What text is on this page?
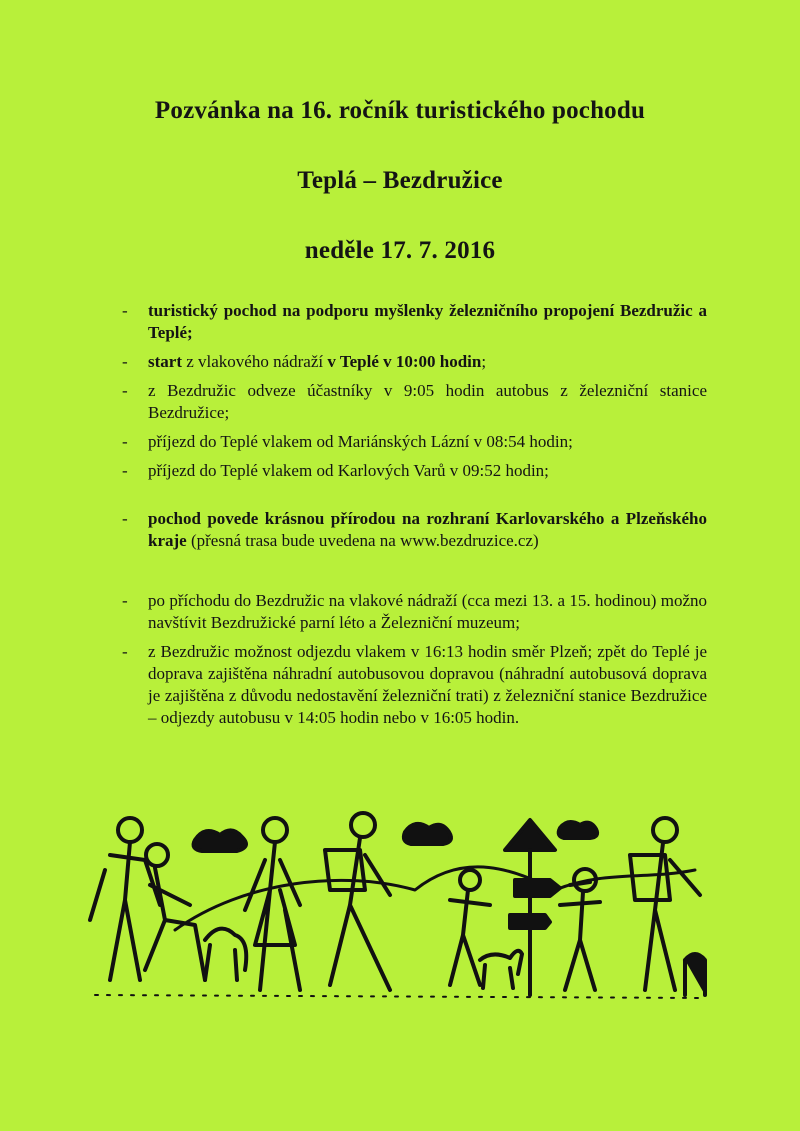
Pozvánka na 16. ročník turistického pochodu
Teplá – Bezdružice
neděle 17. 7. 2016
- turistický pochod na podporu myšlenky železničního propojení Bezdružic a Teplé;
- start z vlakového nádraží v Teplé v 10:00 hodin;
- z Bezdružic odveze účastníky v 9:05 hodin autobus z železniční stanice Bezdružice;
- příjezd do Teplé vlakem od Mariánských Lázní v 08:54 hodin;
- příjezd do Teplé vlakem od Karlových Varů v 09:52 hodin;
- pochod povede krásnou přírodou na rozhraní Karlovarského a Plzeňského kraje (přesná trasa bude uvedena na www.bezdruzice.cz)
- po příchodu do Bezdružic na vlakové nádraží (cca mezi 13. a 15. hodinou) možno navštívit Bezdružické parní léto a Železniční muzeum;
- z Bezdružic možnost odjezdu vlakem v 16:13 hodin směr Plzeň; zpět do Teplé je doprava zajištěna náhradní autobusovou dopravou (náhradní autobusová doprava je zajištěna z důvodu nedostavění železniční trati) z železniční stanice Bezdružice – odjezdy autobusu v 14:05 hodin nebo v 16:05 hodin.
